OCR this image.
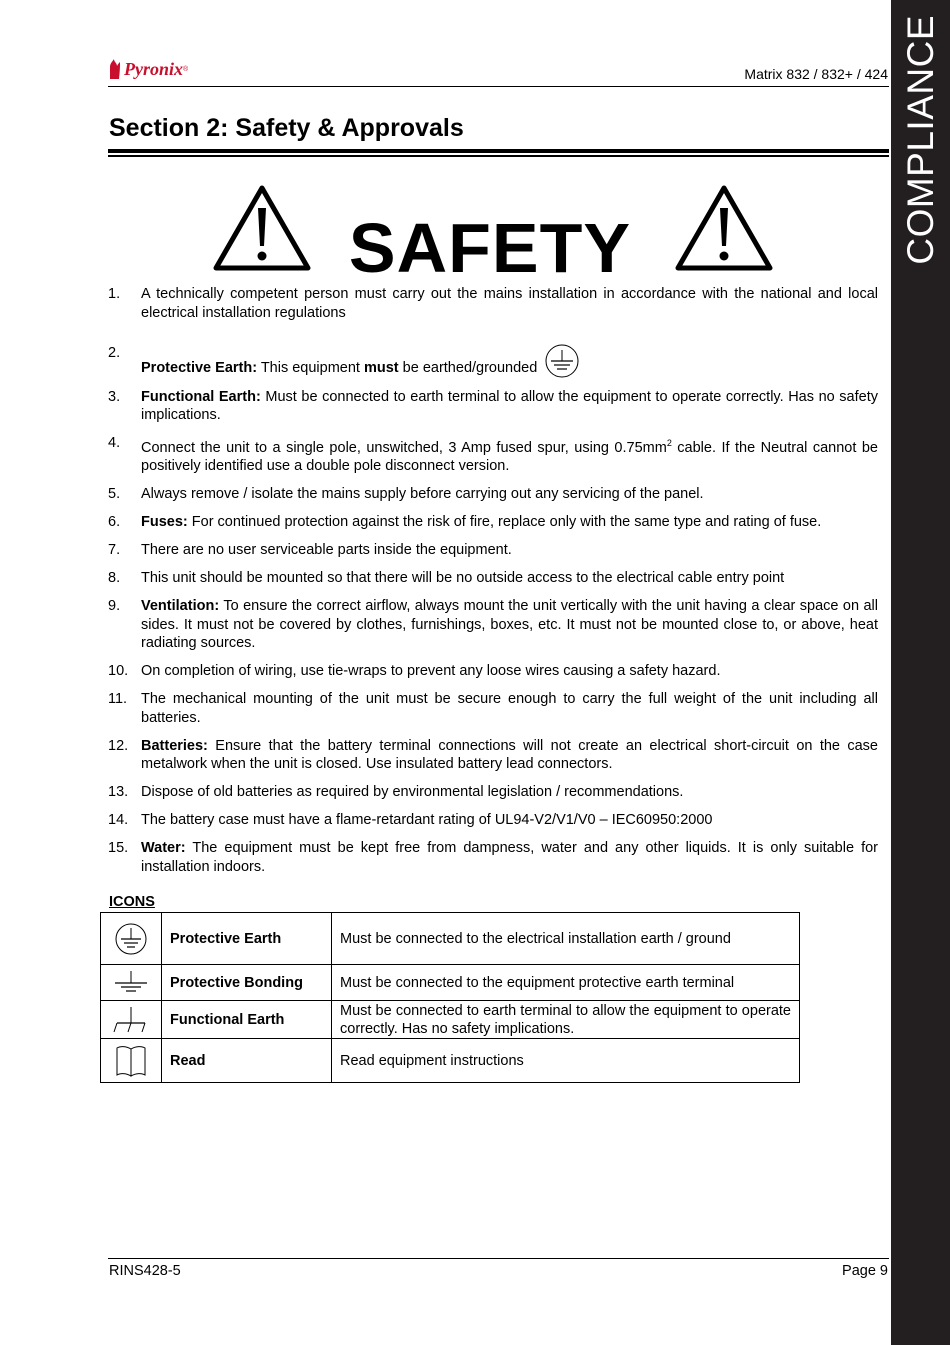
COMPLIANCE
Pyronix ®	Matrix 832 / 832+ / 424
Section 2: Safety & Approvals
SAFETY
1. A technically competent person must carry out the mains installation in accordance with the national and local electrical installation regulations
2.
Protective Earth: This equipment must be earthed/grounded
3. Functional Earth: Must be connected to earth terminal to allow the equipment to operate correctly. Has no safety implications.
4. Connect the unit to a single pole, unswitched, 3 Amp fused spur, using $0.75mm^2$ cable. If the Neutral cannot be positively identified use a double pole disconnect version.
5. Always remove / isolate the mains supply before carrying out any servicing of the panel.
6. Fuses: For continued protection against the risk of fire, replace only with the same type and rating of fuse.
7. There are no user serviceable parts inside the equipment.
8. This unit should be mounted so that there will be no outside access to the electrical cable entry point
9. Ventilation: To ensure the correct airflow, always mount the unit vertically with the unit having a clear space on all sides. It must not be covered by clothes, furnishings, boxes, etc. It must not be mounted close to, or above, heat radiating sources.
10. On completion of wiring, use tie-wraps to prevent any loose wires causing a safety hazard.
11. The mechanical mounting of the unit must be secure enough to carry the full weight of the unit including all batteries.
12. Batteries: Ensure that the battery terminal connections will not create an electrical short-circuit on the case metalwork when the unit is closed. Use insulated battery lead connectors.
13. Dispose of old batteries as required by environmental legislation / recommendations.
14. The battery case must have a flame-retardant rating of UL94-V2/V1/V0 – IEC60950:2000
15. Water: The equipment must be kept free from dampness, water and any other liquids. It is only suitable for installation indoors.
ICONS
	Protective Earth	Must be connected to the electrical installation earth / ground

	Protective Bonding	Must be connected to the equipment protective earth terminal

	Functional Earth	Must be connected to earth terminal to allow the equipment to operate correctly. Has no safety implications.

	Read	Read equipment instructions
RINS428-5	Page 9
